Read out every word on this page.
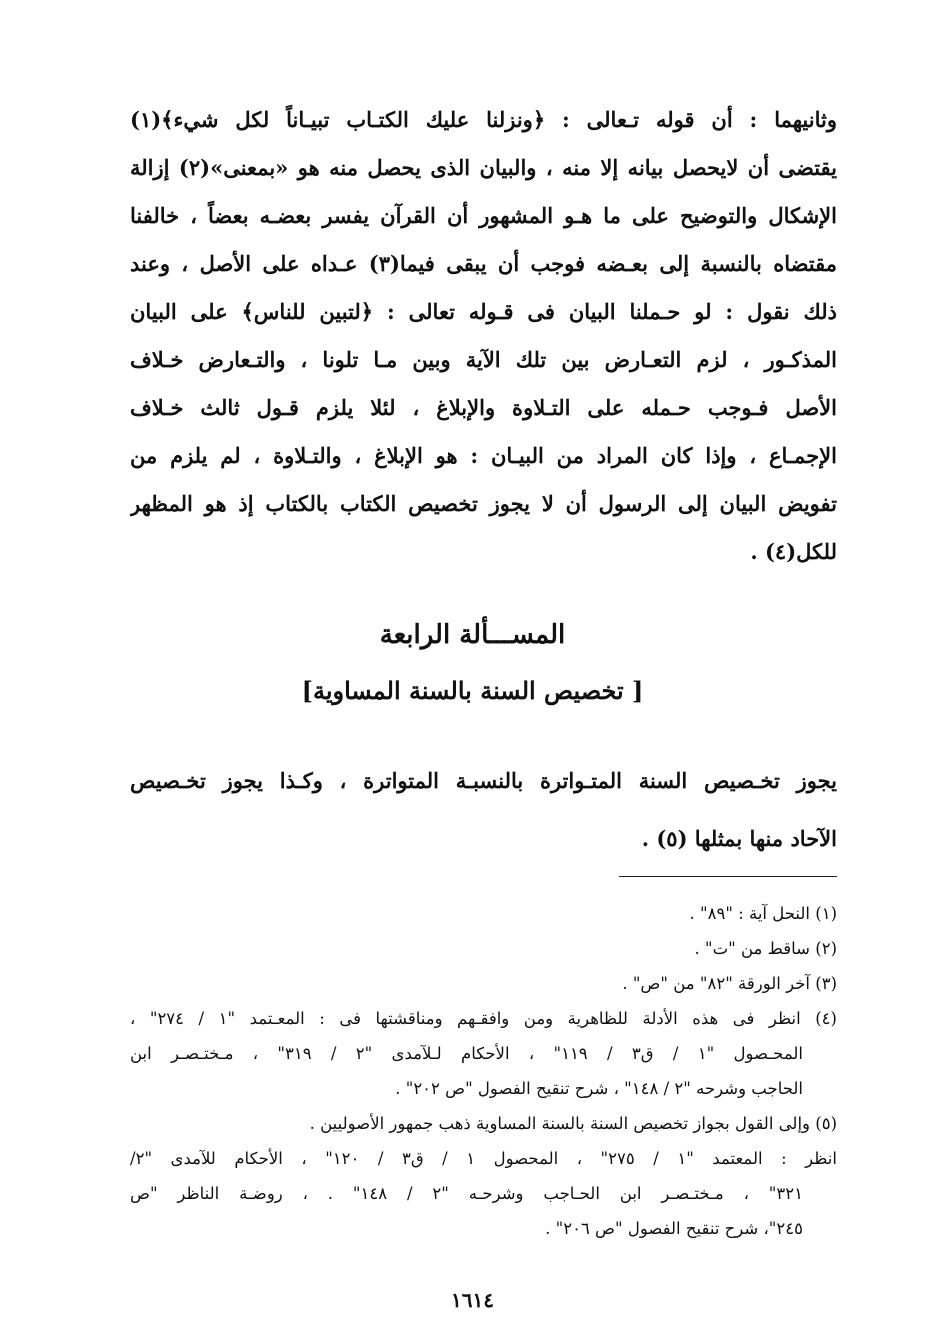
وثانيهما : أن قوله تـعالى : ﴿ونزلنا عليك الكتـاب تبيـاناً لكل شيء﴾(١)
يقتضى أن لايحصل بيانه إلا منه ، والبيان الذى يحصل منه هو «بمعنى»(٢) إزالة
الإشكال والتوضيح على ما هـو المشهور أن القرآن يفسر بعضـه بعضاً ، خالفنا
مقتضاه بالنسبة إلى بعـضه فوجب أن يبقى فيما(٣) عـداه على الأصل ، وعند
ذلك نقول : لو حـملنا البيان فى قـوله تعالى : ﴿لتبين للناس﴾ على البيان
المذكـور ، لزم التعـارض بين تلك الآية وبين مـا تلونا ، والتـعارض خـلاف
الأصل فـوجب حـمله على التـلاوة والإبلاغ ، لئلا يلزم قـول ثالث خـلاف
الإجمـاع ، وإذا كان المراد من البيـان : هو الإبلاغ ، والتـلاوة ، لم يلزم من
تفويض البيان إلى الرسول أن لا يجوز تخصيص الكتاب بالكتاب إذ هو المظهر
للكل(٤) .
المســـألة الرابعة
[ تخصيص السنة بالسنة المساوية]
يجوز تخـصيص السنة المتـواترة بالنسبـة المتواترة ، وكـذا يجوز تخـصيص
الآحاد منها بمثلها (٥) .
(١) النحل آية : "٨٩" .
(٢) ساقط من "ت" .
(٣) آخر الورقة "٨٢" من "ص" .
(٤) انظر فى هذه الأدلة للظاهرية ومن وافقـهم ومناقشتها فى : المعـتمد "١ / ٢٧٤" ،
المحـصول "١ / ق٣ / ١١٩" ، الأحكام لـلآمدى "٢ / ٣١٩" ، مـختـصـر ابن
الحاجب وشرحه "٢ / ١٤٨" ، شرح تنقيح الفصول "ص ٢٠٢" .
(٥) وإلى القول بجواز تخصيص السنة بالسنة المساوية ذهب جمهور الأصوليين .
انظر : المعتمد "١ / ٢٧٥" ، المحصول ١ / ق٣ / ١٢٠" ، الأحكام للآمدى "٢/
٣٢١" ، مـختـصـر ابن الحـاجب وشرحـه "٢ / ١٤٨" . ، روضـة الناظر "ص
٢٤٥"، شرح تنقيح الفصول "ص ٢٠٦" .
١٦١٤
